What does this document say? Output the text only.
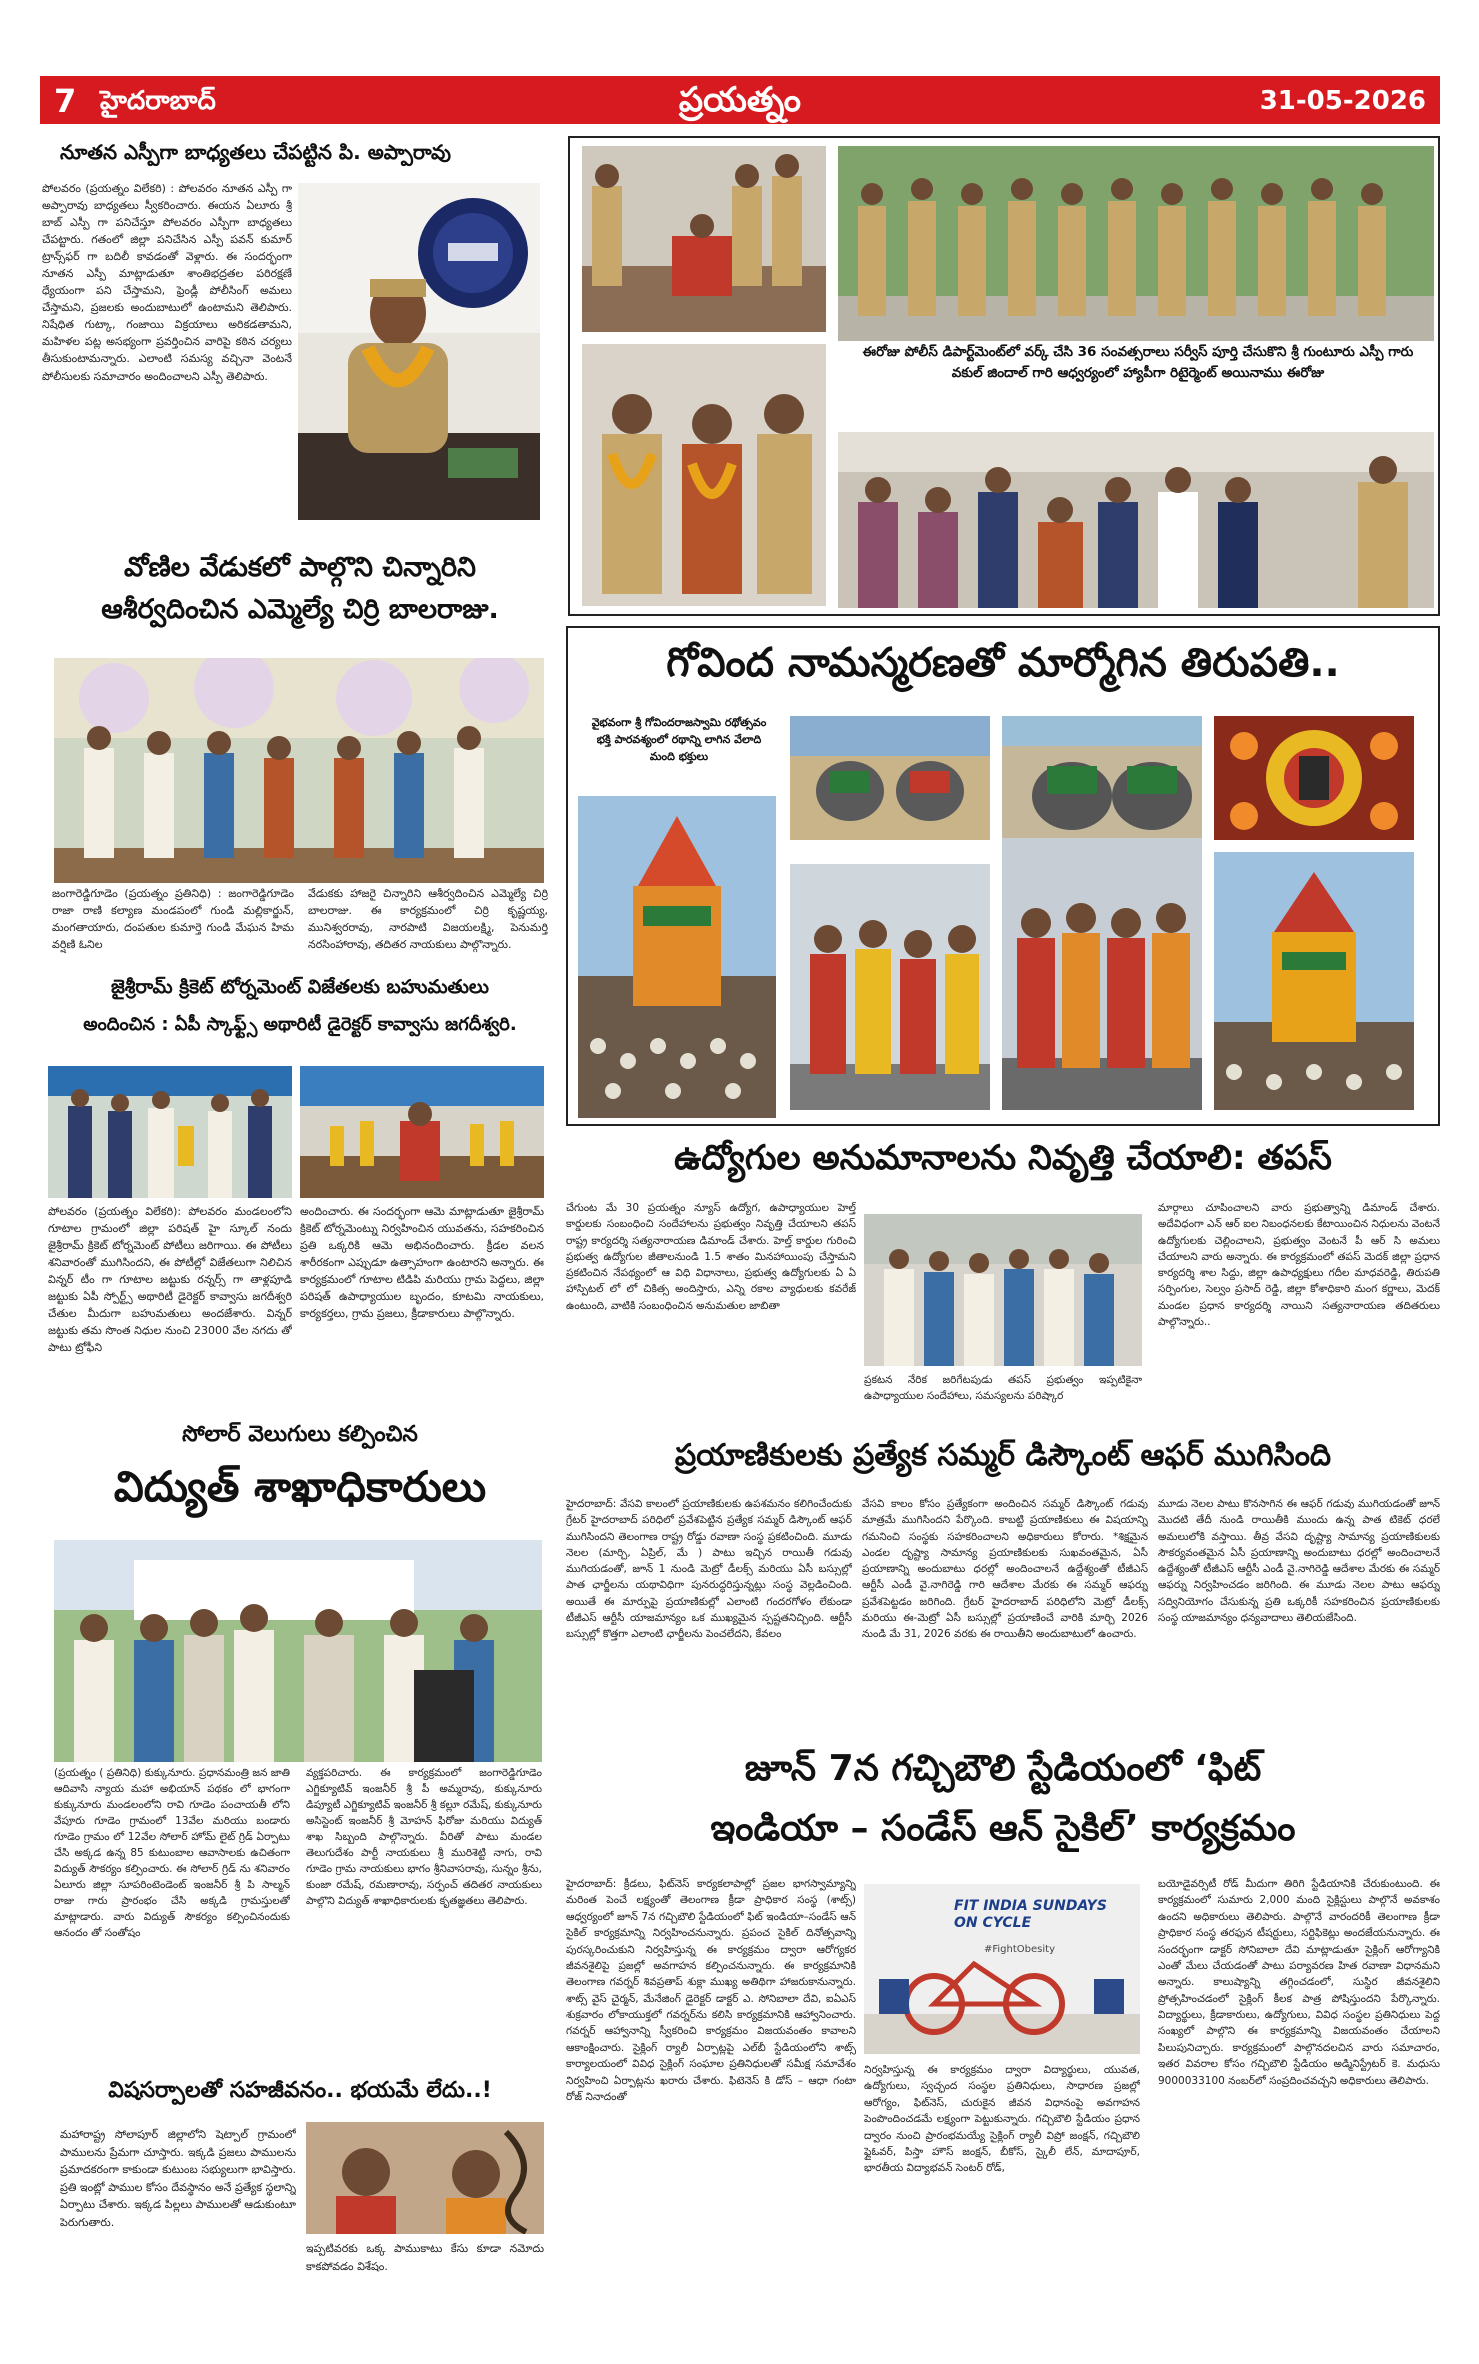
7 హైదరాబాద్	ప్రయత్నం	31-05-2026
నూతన ఎస్పీగా బాధ్యతలు చేపట్టిన పి. అప్పారావు
పోలవరం (ప్రయత్నం విలేకరి) : పోలవరం నూతన ఎస్పీ గా అప్పారావు బాధ్యతలు స్వీకరించారు. ఈయన ఏలూరు శ్రీ బాబ్ ఎస్పీ గా పనిచేస్తూ పోలవరం ఎస్పీగా బాధ్యతలు చేపట్టారు. గతంలో జిల్లా పనిచేసిన ఎస్పీ పవన్ కుమార్ ట్రాన్స్‌ఫర్ గా బదిలీ కావడంతో వెళ్లారు. ఈ సందర్భంగా నూతన ఎస్పీ మాట్లాడుతూ శాంతిభద్రతల పరిరక్షణే ధ్యేయంగా పని చేస్తామని, ఫ్రెండ్లీ పోలీసింగ్ అమలు చేస్తామని, ప్రజలకు అందుబాటులో ఉంటామని తెలిపారు. నిషేధిత గుట్కా, గంజాయి విక్రయాలు అరికడతామని, మహిళల పట్ల అసభ్యంగా ప్రవర్తించిన వారిపై కఠిన చర్యలు తీసుకుంటామన్నారు. ఎలాంటి సమస్య వచ్చినా వెంటనే పోలీసులకు సమాచారం అందించాలని ఎస్పీ తెలిపారు.
ఈరోజు పోలీస్ డిపార్ట్‌మెంట్‌లో వర్క్ చేసి 36 సంవత్సరాలు సర్వీస్ పూర్తి చేసుకొని శ్రీ గుంటూరు ఎస్పీ గారు వకుల్ జిందాల్ గారి ఆధ్వర్యంలో హ్యాపీగా రిటైర్మెంట్ అయినాము ఈరోజు
వోణిల వేడుకలో పాల్గొని చిన్నారిని
ఆశీర్వదించిన ఎమ్మెల్యే చిర్రి బాలరాజు.
జంగారెడ్డిగూడెం (ప్రయత్నం ప్రతినిధి) : జంగారెడ్డిగూడెం రాజా రాణి కల్యాణ మండపంలో గుండి మల్లికార్జున్, మంగతాయారు, దంపతుల కుమార్తె గుండి మేఘన హిమ వర్షిణి ఓనిల
వేడుకకు హాజరై చిన్నారిని ఆశీర్వదించిన ఎమ్మెల్యే చిర్రి బాలరాజు. ఈ కార్యక్రమంలో చిర్రి కృష్ణయ్య, మునిశ్వరరావు, నారపాటి విజయలక్ష్మి, పెనుమర్తి నరసింహారావు, తదితర నాయకులు పాల్గొన్నారు.
జైశ్రీరామ్ క్రికెట్ టోర్నమెంట్ విజేతలకు బహుమతులు
అందించిన : ఏపీ స్కాఫ్ట్స్ అథారిటీ డైరెక్టర్ కావ్వాసు జగదీశ్వరి.
పోలవరం (ప్రయత్నం విలేకరి): పోలవరం మండలంలోని గూటాల గ్రామంలో జిల్లా పరిషత్ హై స్కూల్ నందు జైశ్రీరామ్ క్రికెట్ టోర్నమెంట్ పోటీలు జరిగాయి. ఈ పోటీలు శనివారంతో ముగిసిందని, ఈ పోటీల్లో విజేతలుగా నిలిచిన విన్నర్ టీం గా గూటాల జట్టుకు రన్నర్స్ గా తాళ్లపూడి జట్టుకు ఏపీ స్పోర్ట్స్ అథారిటీ డైరెక్టర్ కావ్వాసు జగదీశ్వరి చేతుల మీదుగా బహుమతులు అందజేశారు. విన్నర్ జట్టుకు తమ సొంత నిధుల నుంచి 23000 వేల నగదు తో పాటు ట్రోఫీని
అందించారు. ఈ సందర్భంగా ఆమె మాట్లాడుతూ జైశ్రీరామ్ క్రికెట్ టోర్నమెంట్ను నిర్వహించిన యువతను, సహకరించిన ప్రతి ఒక్కరికి ఆమె అభినందించారు. క్రీడల వలన శారీరకంగా ఎప్పుడూ ఉత్సాహంగా ఉంటారని అన్నారు. ఈ కార్యక్రమంలో గూటాల టిడిపి మరియు గ్రామ పెద్దలు, జిల్లా పరిషత్ ఉపాధ్యాయుల బృందం, కూటమి నాయకులు, కార్యకర్తలు, గ్రామ ప్రజలు, క్రీడాకారులు పాల్గొన్నారు.
సోలార్ వెలుగులు కల్పించిన
విద్యుత్ శాఖాధికారులు
(ప్రయత్నం ( ప్రతినిధి) కుక్కునూరు. ప్రధానమంత్రి జన జాతి ఆదివాసి న్యాయ మహా అభియాన్ పథకం లో భాగంగా కుక్కునూరు మండలంలోని రావి గూడెం పంచాయతీ లోని వేపూరు గూడెం గ్రామంలో 13వేల మరియు బండారు గూడెం గ్రామం లో 12వేల సోలార్ హోమ్ లైట్ గ్రిడ్ ఏర్పాటు చేసి అక్కడ ఉన్న 85 కుటుంబాల ఆవాసాలకు ఉచితంగా విద్యుత్ సౌకర్యం కల్పించారు. ఈ సోలార్ గ్రిడ్ ను శనివారం ఏలూరు జిల్లా సూపరింటెండెంట్ ఇంజనీర్ శ్రీ పి సాల్మన్ రాజు గారు ప్రారంభం చేసి అక్కడి గ్రామస్తులతో మాట్లాడారు. వారు విద్యుత్ సౌకర్యం కల్పించినందుకు ఆనందం తో సంతోషం
వ్యక్తపరిచారు. ఈ కార్యక్రమంలో జంగారెడ్డిగూడెం ఎగ్జిక్యూటివ్ ఇంజనీర్ శ్రీ పీ అమ్మరావు, కుక్కునూరు డిప్యూటీ ఎగ్జిక్యూటివ్ ఇంజనీర్ శ్రీ కల్లూ రమేష్, కుక్కునూరు అసిస్టెంట్ ఇంజనీర్ శ్రీ మోహన్ ఫిరోజు మరియు విద్యుత్ శాఖ సిబ్బంది పాల్గొన్నారు. వీరితో పాటు మండల తెలుగుదేశం పార్టీ నాయకులు శ్రీ మురిశెట్టి నాగు, రావి గూడెం గ్రామ నాయకులు భాగం శ్రీనివాసరావు, సున్నం శ్రీను, కుంజా రమేష్, రమణారావు, సర్పంచ్ తదితర నాయకులు పాల్గొని విద్యుత్ శాఖాధికారులకు కృతజ్ఞతలు తెలిపారు.
విషసర్పాలతో సహజీవనం.. భయమే లేదు..!
మహారాష్ట్ర సోలాపూర్ జిల్లాలోని షెట్పాల్ గ్రామంలో పాములను ప్రేమగా చూస్తారు. ఇక్కడి ప్రజలు పాములను ప్రమాదకరంగా కాకుండా కుటుంబ సభ్యులుగా భావిస్తారు. ప్రతి ఇంట్లో పాముల కోసం దేవస్థానం అనే ప్రత్యేక స్థలాన్ని ఏర్పాటు చేశారు. ఇక్కడ పిల్లలు పాములతో ఆడుకుంటూ పెరుగుతారు.
ఇప్పటివరకు ఒక్క పాముకాటు కేసు కూడా నమోదు కాకపోవడం విశేషం.
గోవింద నామస్మరణతో మార్మోగిన తిరుపతి..
వైభవంగా శ్రీ గోవిందరాజస్వామి రథోత్సవం భక్తి పారవశ్యంలో రథాన్ని లాగిన వేలాది మంది భక్తులు
ఉద్యోగుల అనుమానాలను నివృత్తి చేయాలి: తపస్
చేగుంట మే 30 ప్రయత్నం న్యూస్ ఉద్యోగ, ఉపాధ్యాయుల హెల్త్ కార్డులకు సంబంధించి సందేహాలను ప్రభుత్వం నివృత్తి చేయాలని తపస్ రాష్ట్ర కార్యదర్శి సత్యనారాయణ డిమాండ్ చేశారు. హెల్త్ కార్డుల గురించి ప్రభుత్వ ఉద్యోగుల జీతాలనుండి 1.5 శాతం మినహాయింపు చేస్తామని ప్రకటించిన నేపథ్యంలో ఆ విధి విధానాలు, ప్రభుత్వ ఉద్యోగులకు ఏ ఏ హాస్పిటల్ లో లో చికిత్స అందిస్తారు, ఎన్ని రకాల వ్యాధులకు కవరేజ్ ఉంటుంది, వాటికి సంబంధించిన అనుమతుల జాబితా
ప్రకటన నేరిక జరిగేటపుడు తపస్ ప్రభుత్వం ఇప్పటికైనా ఉపాధ్యాయుల సందేహాలు, సమస్యలను పరిష్కార
మార్గాలు చూపించాలని వారు ప్రభుత్వాన్ని డిమాండ్ చేశారు. అదేవిధంగా ఎన్ ఆర్ ఐల నిబంధనలకు కేటాయించిన నిధులను వెంటనే ఉద్యోగులకు చెల్లించాలని, ప్రభుత్వం వెంటనే పీ ఆర్ సి అమలు చేయాలని వారు అన్నారు. ఈ కార్యక్రమంలో తపస్ మెదక్ జిల్లా ప్రధాన కార్యదర్శి శాల సిద్దు, జిల్లా ఉపాధ్యక్షులు గదీల మాధవరెడ్డి, తిరుపతి సర్పింగుల, సెల్వం ప్రసాద్ రెడ్డి, జిల్లా కోశాధికారి మంగ కర్ణాలు, మెదక్ మండల ప్రధాన కార్యదర్శి నాయిని సత్యనారాయణ తదితరులు పాల్గొన్నారు..
ప్రయాణికులకు ప్రత్యేక సమ్మర్ డిస్కౌంట్ ఆఫర్ ముగిసింది
హైదరాబాద్: వేసవి కాలంలో ప్రయాణికులకు ఉపశమనం కలిగించేందుకు గ్రేటర్ హైదరాబాద్ పరిధిలో ప్రవేశపెట్టిన ప్రత్యేక సమ్మర్ డిస్కౌంట్ ఆఫర్ ముగిసిందని తెలంగాణ రాష్ట్ర రోడ్డు రవాణా సంస్థ ప్రకటించింది. మూడు నెలల (మార్చి, ఏప్రిల్, మే ) పాటు ఇచ్చిన రాయితీ గడువు ముగియడంతో, జూన్ 1 నుండి మెట్రో డీలక్స్ మరియు ఏసీ బస్సుల్లో పాత ఛార్జీలను యథావిధిగా పునరుద్ధరిస్తున్నట్లు సంస్థ వెల్లడించింది. అయితే ఈ మార్పుపై ప్రయాణికుల్లో ఎలాంటి గందరగోళం లేకుండా టీజీఎస్ ఆర్టీసీ యాజమాన్యం ఒక ముఖ్యమైన స్పష్టతనిచ్చింది. ఆర్టీసీ బస్సుల్లో కొత్తగా ఎలాంటి ఛార్జీలను పెంచలేదని, కేవలం
వేసవి కాలం కోసం ప్రత్యేకంగా అందించిన సమ్మర్ డిస్కౌంట్ గడువు మాత్రమే ముగిసిందని పేర్కొంది. కాబట్టి ప్రయాణికులు ఈ విషయాన్ని గమనించి సంస్థకు సహకరించాలని అధికారులు కోరారు. *శిక్షమైన ఎండల దృష్ట్యా సామాన్య ప్రయాణికులకు సుఖవంతమైన, ఏసీ ప్రయాణాన్ని అందుబాటు ధరల్లో అందించాలనే ఉద్దేశ్యంతో టీజీఎస్ ఆర్టీసీ ఎండీ వై.నాగిరెడ్డి గారి ఆదేశాల మేరకు ఈ సమ్మర్ ఆఫర్ను ప్రవేశపెట్టడం జరిగింది. గ్రేటర్ హైదరాబాద్ పరిధిలోని మెట్రో డీలక్స్ మరియు ఈ-మెట్రో ఏసీ బస్సుల్లో ప్రయాణించే వారికి మార్చి 2026 నుండి మే 31, 2026 వరకు ఈ రాయితీని అందుబాటులో ఉంచారు.
మూడు నెలల పాటు కొనసాగిన ఈ ఆఫర్ గడువు ముగియడంతో జూన్ మొదటి తేదీ నుండి రాయితీకి ముందు ఉన్న పాత టికెట్ ధరలే అమలులోకి వస్తాయి. తీవ్ర వేసవి దృష్ట్యా సామాన్య ప్రయాణికులకు సౌకర్యవంతమైన ఏసీ ప్రయాణాన్ని అందుబాటు ధరల్లో అందించాలనే ఉద్దేశ్యంతో టీజీఎస్ ఆర్టీసీ ఎండీ వై.నాగిరెడ్డి ఆదేశాల మేరకు ఈ సమ్మర్ ఆఫర్ను నిర్వహించడం జరిగింది. ఈ మూడు నెలల పాటు ఆఫర్ను సద్వినియోగం చేసుకున్న ప్రతి ఒక్కరికీ సహకరించిన ప్రయాణికులకు సంస్థ యాజమాన్యం ధన్యవాదాలు తెలియజేసింది.
జూన్ 7న గచ్చిబౌలి స్టేడియంలో ‘ఫిట్
ఇండియా – సండేస్ ఆన్ సైకిల్’ కార్యక్రమం
హైదరాబాద్: క్రీడలు, ఫిట్‌నెస్ కార్యకలాపాల్లో ప్రజల భాగస్వామ్యాన్ని మరింత పెంచే లక్ష్యంతో తెలంగాణ క్రీడా ప్రాధికార సంస్థ (శాట్స్) ఆధ్వర్యంలో జూన్ 7న గచ్చిబౌలి స్టేడియంలో ఫిట్ ఇండియా–సండేస్ ఆన్ సైకిల్ కార్యక్రమాన్ని నిర్వహించనున్నారు. ప్రపంచ సైకిల్ దినోత్సవాన్ని పురస్కరించుకుని నిర్వహిస్తున్న ఈ కార్యక్రమం ద్వారా ఆరోగ్యకర జీవనశైలిపై ప్రజల్లో అవగాహన కల్పించనున్నారు. ఈ కార్యక్రమానికి తెలంగాణ గవర్నర్ శివప్రతాప్ శుక్లా ముఖ్య అతిథిగా హాజరుకానున్నారు. శాట్స్ వైస్ చైర్మన్, మేనేజింగ్ డైరెక్టర్ డాక్టర్ ఎ. సోనిబాలా దేవి, ఐఏఎస్ శుక్రవారం లోకాయుక్తలో గవర్నర్‌ను కలిసి కార్యక్రమానికి ఆహ్వానించారు. గవర్నర్ ఆహ్వానాన్ని స్వీకరించి కార్యక్రమం విజయవంతం కావాలని ఆకాంక్షించారు. సైక్లింగ్ ర్యాలీ ఏర్పాట్లపై ఎల్‌బీ స్టేడియంలోని శాట్స్ కార్యాలయంలో వివిధ సైక్లింగ్ సంఘాల ప్రతినిధులతో సమీక్ష సమావేశం నిర్వహించి ఏర్పాట్లను ఖరారు చేశారు. ఫిటెనెస్ కి డోస్ – ఆధా గంటా రోజ్ నినాదంతో
FIT INDIA SUNDAYS ON CYCLE
#FightObesity
నిర్వహిస్తున్న ఈ కార్యక్రమం ద్వారా విద్యార్థులు, యువత, ఉద్యోగులు, స్వచ్ఛంద సంస్థల ప్రతినిధులు, సాధారణ ప్రజల్లో ఆరోగ్యం, ఫిట్‌నెస్, చురుకైన జీవన విధానంపై అవగాహన పెంపొందించడమే లక్ష్యంగా పెట్టుకున్నారు. గచ్చిబౌలి స్టేడియం ప్రధాన ద్వారం నుంచి ప్రారంభమయ్యే సైక్లింగ్ ర్యాలీ విప్రో జంక్షన్, గచ్చిబౌలి ఫ్లైఓవర్, పిస్తా హౌస్ జంక్షన్, బీకోస్, స్కైలీ లేన్, మాదాపూర్, భారతీయ విద్యాభవన్ సెంటర్ రోడ్,
బయోడైవర్సిటీ రోడ్ మీదుగా తిరిగి స్టేడియానికి చేరుకుంటుంది. ఈ కార్యక్రమంలో సుమారు 2,000 మంది సైక్లిస్టులు పాల్గొనే అవకాశం ఉందని అధికారులు తెలిపారు. పాల్గొనే వారందరికీ తెలంగాణ క్రీడా ప్రాధికార సంస్థ తరఫున టీషర్టులు, సర్టిఫికెట్లు అందజేయనున్నారు. ఈ సందర్భంగా డాక్టర్ సోనిబాలా దేవి మాట్లాడుతూ సైక్లింగ్ ఆరోగ్యానికి ఎంతో మేలు చేయడంతో పాటు పర్యావరణ హిత రవాణా విధానమని అన్నారు. కాలుష్యాన్ని తగ్గించడంలో, సుస్థిర జీవనశైలిని ప్రోత్సహించడంలో సైక్లింగ్ కీలక పాత్ర పోషిస్తుందని పేర్కొన్నారు. విద్యార్థులు, క్రీడాకారులు, ఉద్యోగులు, వివిధ సంస్థల ప్రతినిధులు పెద్ద సంఖ్యలో పాల్గొని ఈ కార్యక్రమాన్ని విజయవంతం చేయాలని పిలుపునిచ్చారు. కార్యక్రమంలో పాల్గొనదలచిన వారు సమాచారం, ఇతర వివరాల కోసం గచ్చిబౌలి స్టేడియం అడ్మినిస్ట్రేటర్ కె. మధుసు 9000033100 నంబర్‌లో సంప్రదించవచ్చని అధికారులు తెలిపారు.
